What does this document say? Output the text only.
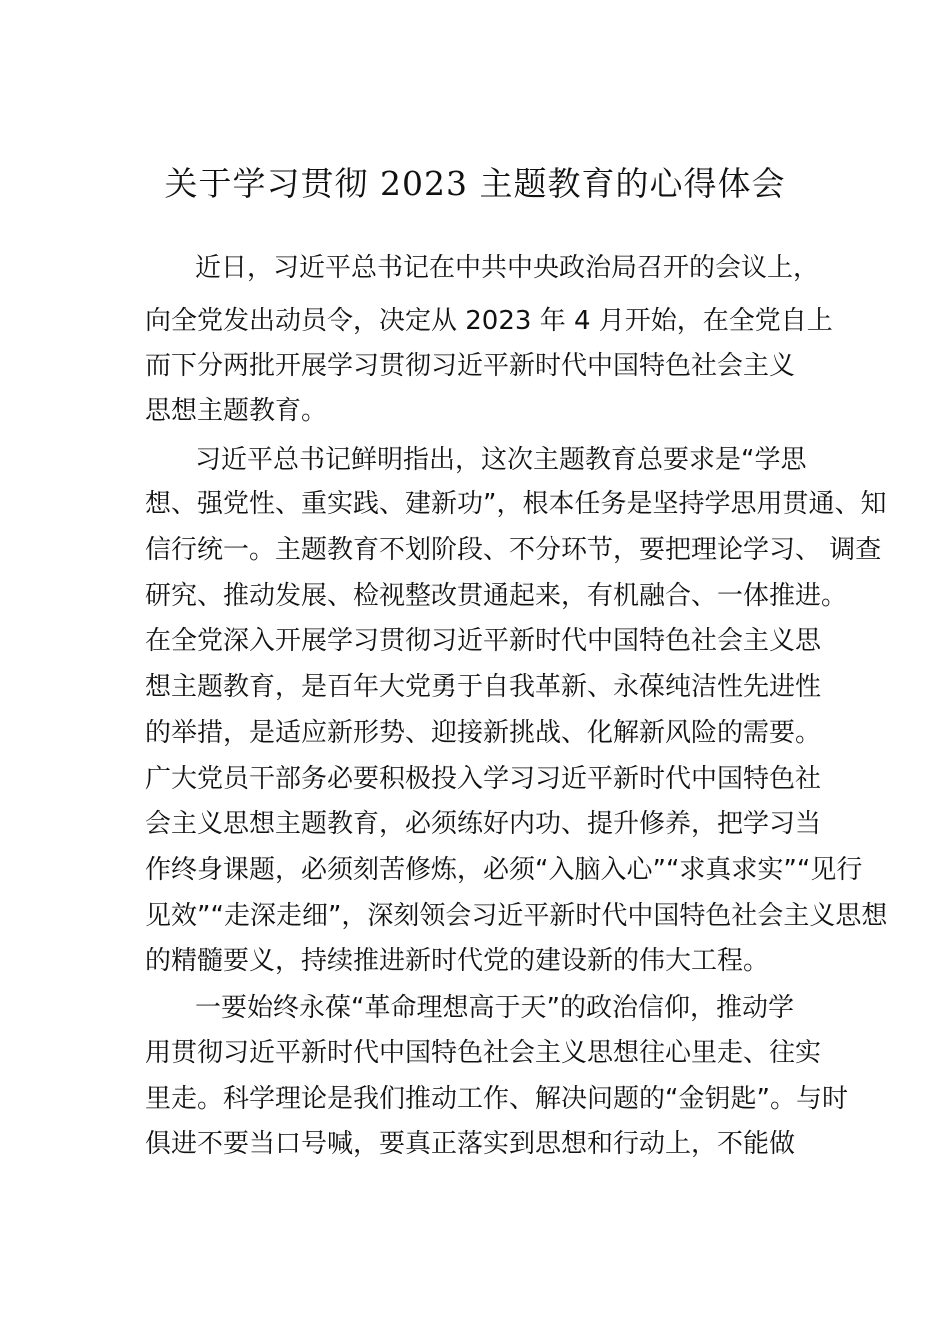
关于学习贯彻 2023 主题教育的心得体会
近日，习近平总书记在中共中央政治局召开的会议上，
向全党发出动员令，决定从 2023 年 4 月开始，在全党自上
而下分两批开展学习贯彻习近平新时代中国特色社会主义
思想主题教育。
习近平总书记鲜明指出，这次主题教育总要求是“学思
想、强党性、重实践、建新功”，根本任务是坚持学思用贯通、知
信行统一。主题教育不划阶段、不分环节，要把理论学习、 调查
研究、推动发展、检视整改贯通起来，有机融合、一体推进。
在全党深入开展学习贯彻习近平新时代中国特色社会主义思
想主题教育，是百年大党勇于自我革新、永葆纯洁性先进性
的举措，是适应新形势、迎接新挑战、化解新风险的需要。
广大党员干部务必要积极投入学习习近平新时代中国特色社
会主义思想主题教育，必须练好内功、提升修养，把学习当
作终身课题，必须刻苦修炼，必须“入脑入心”“求真求实”“见行
见效”“走深走细”，深刻领会习近平新时代中国特色社会主义思想
的精髓要义，持续推进新时代党的建设新的伟大工程。
一要始终永葆“革命理想高于天”的政治信仰，推动学
用贯彻习近平新时代中国特色社会主义思想往心里走、往实
里走。科学理论是我们推动工作、解决问题的“金钥匙”。与时
俱进不要当口号喊，要真正落实到思想和行动上，不能做
